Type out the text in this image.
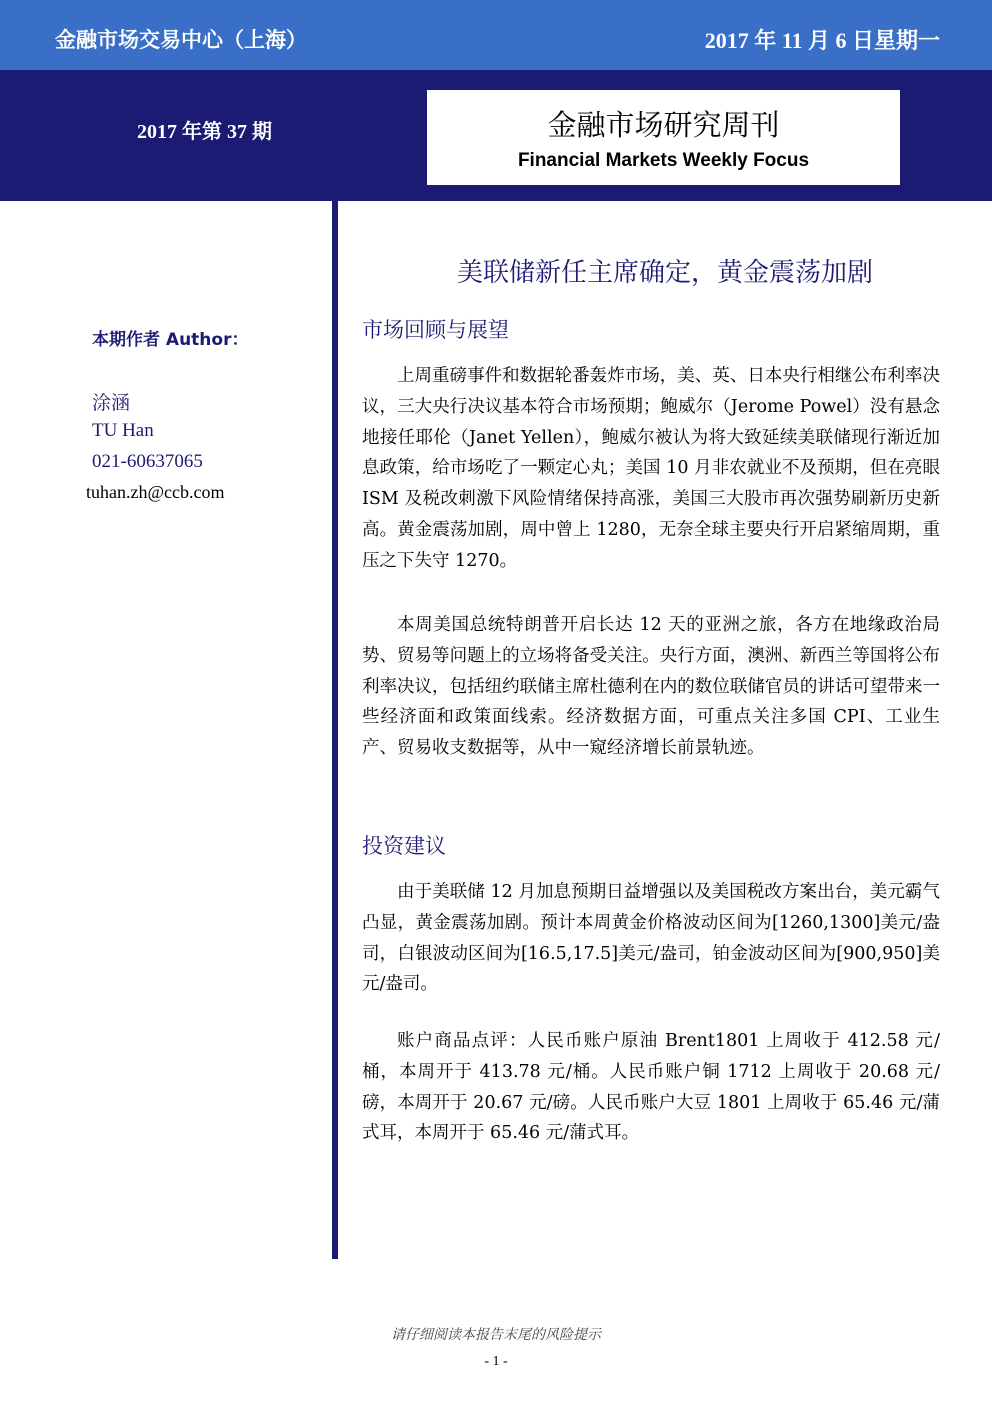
金融市场交易中心（上海）	2017 年 11 月 6 日星期一
2017 年第 37 期	金融市场研究周刊
Financial Markets Weekly Focus
本期作者 Author：
涂涵
TU Han
021-60637065
tuhan.zh@ccb.com
美联储新任主席确定，黄金震荡加剧
市场回顾与展望

上周重磅事件和数据轮番轰炸市场，美、英、日本央行相继公布利率决议，三大央行决议基本符合市场预期；鲍威尔（Jerome Powel）没有悬念地接任耶伦（Janet Yellen），鲍威尔被认为将大致延续美联储现行渐近加息政策，给市场吃了一颗定心丸；美国 10 月非农就业不及预期，但在亮眼 ISM 及税改刺激下风险情绪保持高涨，美国三大股市再次强势刷新历史新高。黄金震荡加剧，周中曾上 1280，无奈全球主要央行开启紧缩周期，重压之下失守 1270。

本周美国总统特朗普开启长达 12 天的亚洲之旅，各方在地缘政治局势、贸易等问题上的立场将备受关注。央行方面，澳洲、新西兰等国将公布利率决议，包括纽约联储主席杜德利在内的数位联储官员的讲话可望带来一些经济面和政策面线索。经济数据方面，可重点关注多国 CPI、工业生产、贸易收支数据等，从中一窥经济增长前景轨迹。

投资建议

由于美联储 12 月加息预期日益增强以及美国税改方案出台，美元霸气凸显，黄金震荡加剧。预计本周黄金价格波动区间为[1260,1300]美元/盎司，白银波动区间为[16.5,17.5]美元/盎司，铂金波动区间为[900,950]美元/盎司。

账户商品点评：人民币账户原油 Brent1801 上周收于 412.58 元/桶，本周开于 413.78 元/桶。人民币账户铜 1712 上周收于 20.68 元/磅，本周开于 20.67 元/磅。人民币账户大豆 1801 上周收于 65.46 元/蒲式耳，本周开于 65.46 元/蒲式耳。

请仔细阅读本报告末尾的风险提示
- 1 -
